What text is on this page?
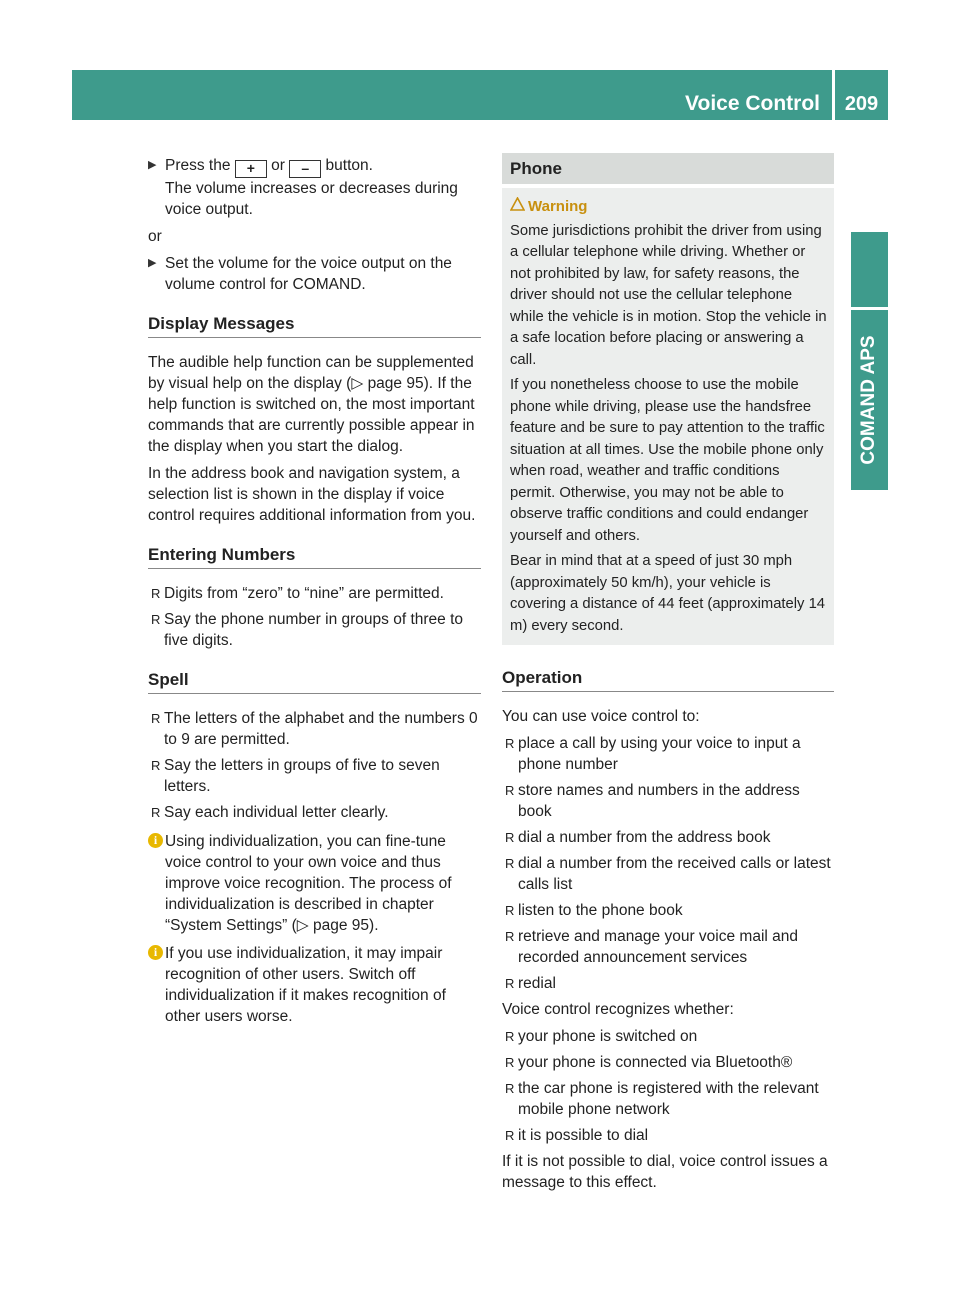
Voice Control	209
COMAND APS
▶ Press the + or – button.

The volume increases or decreases during voice output.

or

▶ Set the volume for the voice output on the volume control for COMAND.
Display Messages

The audible help function can be supplemented by visual help on the display (▷ page 95). If the help function is switched on, the most important commands that are currently possible appear in the display when you start the dialog.

In the address book and navigation system, a selection list is shown in the display if voice control requires additional information from you.

Entering Numbers
R Digits from “zero” to “nine” are permitted.
R Say the phone number in groups of three to five digits.
Spell
R The letters of the alphabet and the numbers 0 to 9 are permitted.
R Say the letters in groups of five to seven letters.
R Say each individual letter clearly.
i Using individualization, you can fine-tune voice control to your own voice and thus improve voice recognition. The process of individualization is described in chapter “System Settings” (▷ page 95).
i If you use individualization, it may impair recognition of other users. Switch off individualization if it makes recognition of other users worse.
Phone
Warning

Some jurisdictions prohibit the driver from using a cellular telephone while driving. Whether or not prohibited by law, for safety reasons, the driver should not use the cellular telephone while the vehicle is in motion. Stop the vehicle in a safe location before placing or answering a call.

If you nonetheless choose to use the mobile phone while driving, please use the handsfree feature and be sure to pay attention to the traffic situation at all times. Use the mobile phone only when road, weather and traffic conditions permit. Otherwise, you may not be able to observe traffic conditions and could endanger yourself and others.

Bear in mind that at a speed of just 30 mph (approximately 50 km/h), your vehicle is covering a distance of 44 feet (approximately 14 m) every second.

Operation

You can use voice control to:

R place a call by using your voice to input a phone number
R store names and numbers in the address book
R dial a number from the address book
R dial a number from the received calls or latest calls list
R listen to the phone book
R retrieve and manage your voice mail and recorded announcement services
R redial

Voice control recognizes whether:

R your phone is switched on
R your phone is connected via Bluetooth®
R the car phone is registered with the relevant mobile phone network
R it is possible to dial

If it is not possible to dial, voice control issues a message to this effect.
